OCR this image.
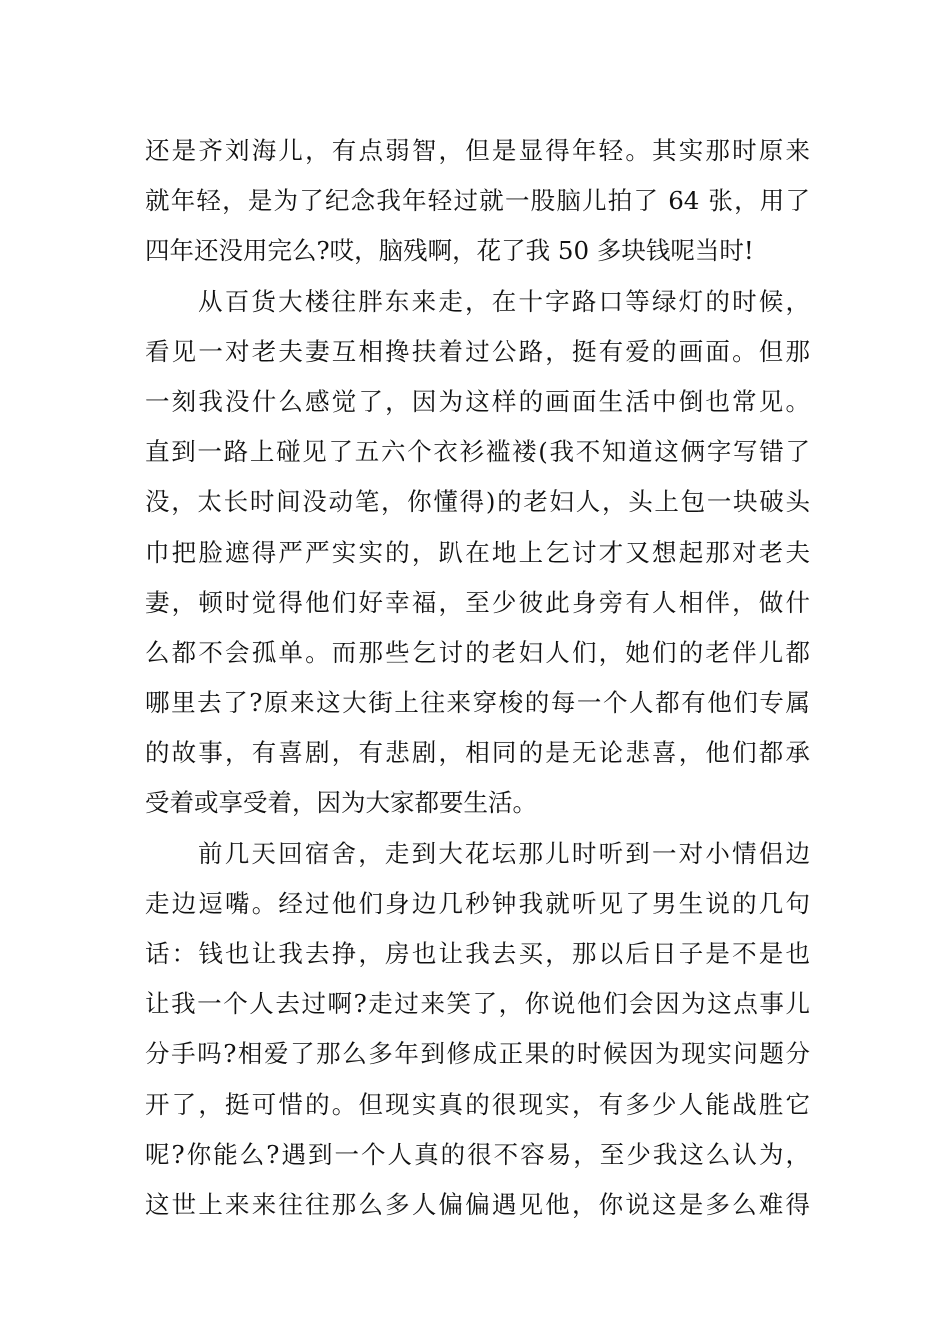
还是齐刘海儿，有点弱智，但是显得年轻。其实那时原来
就年轻，是为了纪念我年轻过就一股脑儿拍了 64 张，用了
四年还没用完么?哎，脑残啊，花了我 50 多块钱呢当时!
从百货大楼往胖东来走，在十字路口等绿灯的时候，
看见一对老夫妻互相搀扶着过公路，挺有爱的画面。但那
一刻我没什么感觉了，因为这样的画面生活中倒也常见。
直到一路上碰见了五六个衣衫褴褛(我不知道这俩字写错了
没，太长时间没动笔，你懂得)的老妇人，头上包一块破头
巾把脸遮得严严实实的，趴在地上乞讨才又想起那对老夫
妻，顿时觉得他们好幸福，至少彼此身旁有人相伴，做什
么都不会孤单。而那些乞讨的老妇人们，她们的老伴儿都
哪里去了?原来这大街上往来穿梭的每一个人都有他们专属
的故事，有喜剧，有悲剧，相同的是无论悲喜，他们都承
受着或享受着，因为大家都要生活。
前几天回宿舍，走到大花坛那儿时听到一对小情侣边
走边逗嘴。经过他们身边几秒钟我就听见了男生说的几句
话：钱也让我去挣，房也让我去买，那以后日子是不是也
让我一个人去过啊?走过来笑了，你说他们会因为这点事儿
分手吗?相爱了那么多年到修成正果的时候因为现实问题分
开了，挺可惜的。但现实真的很现实，有多少人能战胜它
呢?你能么?遇到一个人真的很不容易，至少我这么认为，
这世上来来往往那么多人偏偏遇见他，你说这是多么难得
